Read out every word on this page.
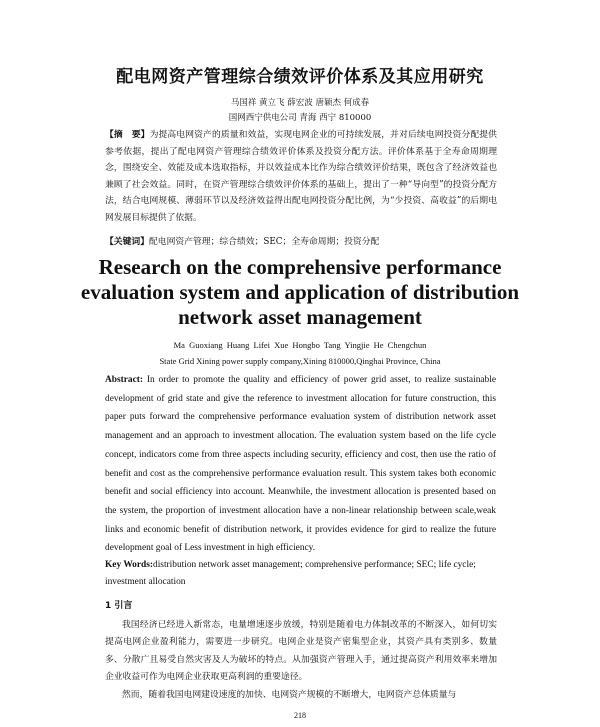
配电网资产管理综合绩效评价体系及其应用研究
马国祥 黄立飞 薛宏波 唐颖杰 何成春
国网西宁供电公司 青海 西宁 810000
【摘　要】为提高电网资产的质量和效益，实现电网企业的可持续发展，并对后续电网投资分配提供参考依据，提出了配电网资产管理综合绩效评价体系及投资分配方法。评价体系基于全寿命周期理念，围绕安全、效能及成本选取指标，并以效益成本比作为综合绩效评价结果，既包含了经济效益也兼顾了社会效益。同时，在资产管理综合绩效评价体系的基础上，提出了一种“导向型”的投资分配方法，结合电网规模、薄弱环节以及经济效益得出配电网投资分配比例，为“少投资、高收益”的后期电网发展目标提供了依据。
【关键词】配电网资产管理；综合绩效；SEC；全寿命周期；投资分配
Research on the comprehensive performance evaluation system and application of distribution network asset management
Ma Guoxiang Huang Lifei Xue Hongbo Tang Yingjie He Chengchun
State Grid Xining power supply company,Xining 810000,Qinghai Province, China
Abstract: In order to promote the quality and efficiency of power grid asset, to realize sustainable development of grid state and give the reference to investment allocation for future construction, this paper puts forward the comprehensive performance evaluation system of distribution network asset management and an approach to investment allocation. The evaluation system based on the life cycle concept, indicators come from three aspects including security, efficiency and cost, then use the ratio of benefit and cost as the comprehensive performance evaluation result. This system takes both economic benefit and social efficiency into account. Meanwhile, the investment allocation is presented based on the system, the proportion of investment allocation have a non-linear relationship between scale,weak links and economic benefit of distribution network, it provides evidence for gird to realize the future development goal of Less investment in high efficiency.
Key Words:distribution network asset management; comprehensive performance; SEC; life cycle; investment allocation
1 引言

我国经济已经进入新常态，电量增速逐步放缓，特别是随着电力体制改革的不断深入，如何切实提高电网企业盈利能力，需要进一步研究。电网企业是资产密集型企业，其资产具有类别多、数量多、分散广且易受自然灾害及人为破坏的特点。从加强资产管理入手，通过提高资产利用效率来增加企业收益可作为电网企业获取更高利润的重要途径。

然而，随着我国电网建设速度的加快、电网资产规模的不断增大，电网资产总体质量与

218
